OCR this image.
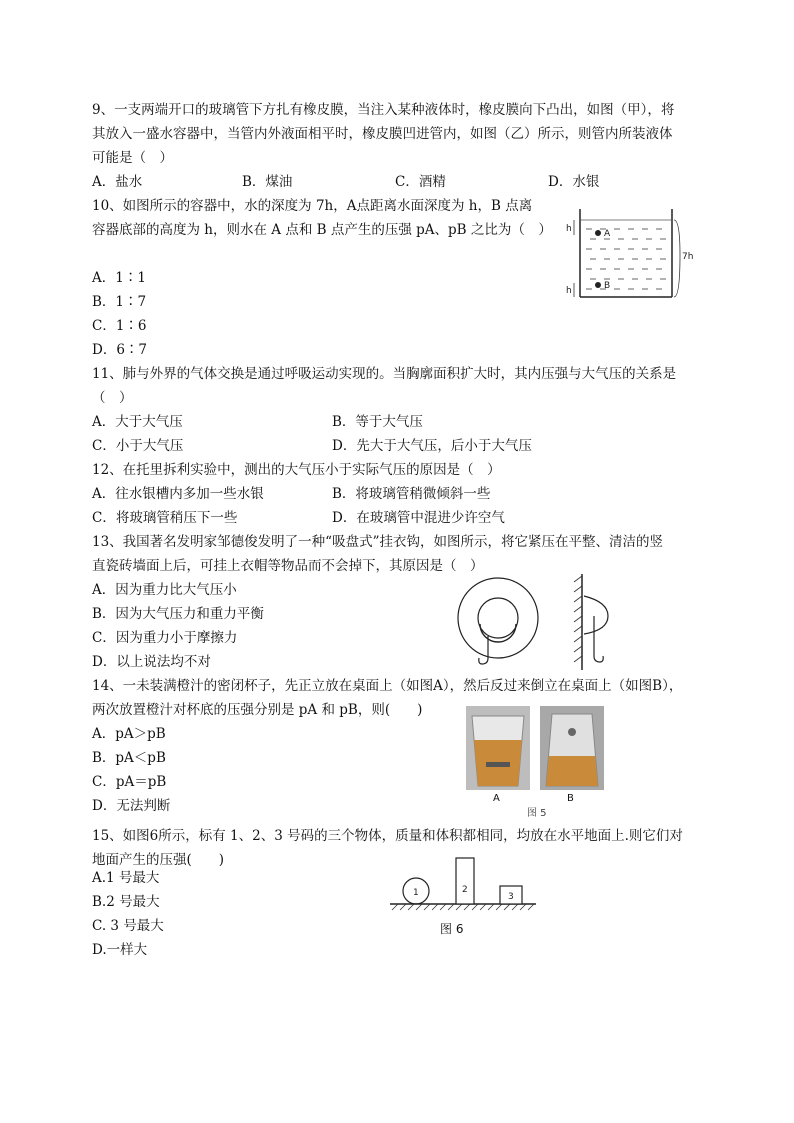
9、一支两端开口的玻璃管下方扎有橡皮膜，当注入某种液体时，橡皮膜向下凸出，如图（甲），将
其放入一盛水容器中，当管内外液面相平时，橡皮膜凹进管内，如图（乙）所示，则管内所装液体
可能是（　）
A．盐水	B．煤油	C．酒精	D．水银
10、如图所示的容器中，水的深度为 7h，A点距离水面深度为 h，B 点离
容器底部的高度为 h，则水在 A 点和 B 点产生的压强 pA、pB 之比为（　）
A．1∶1
B．1∶7
C．1∶6
D．6∶7
A
B
h
h
7h
11、肺与外界的气体交换是通过呼吸运动实现的。当胸廓面积扩大时，其内压强与大气压的关系是
（　）
A．大于大气压	B．等于大气压
C．小于大气压	D．先大于大气压，后小于大气压
12、在托里拆利实验中，测出的大气压小于实际气压的原因是（　）
A．往水银槽内多加一些水银	B．将玻璃管稍微倾斜一些
C．将玻璃管稍压下一些	D．在玻璃管中混进少许空气
13、我国著名发明家邹德俊发明了一种“吸盘式”挂衣钩，如图所示，将它紧压在平整、清洁的竖
直瓷砖墙面上后，可挂上衣帽等物品而不会掉下，其原因是（　）
A．因为重力比大气压小
B．因为大气压力和重力平衡
C．因为重力小于摩擦力
D．以上说法均不对
14、一未装满橙汁的密闭杯子，先正立放在桌面上（如图A），然后反过来倒立在桌面上（如图B），
两次放置橙汁对杯底的压强分别是 pA 和 pB，则(　　)
A．pA＞pB
B．pA＜pB
C．pA＝pB
D．无法判断	A	B
图 5
15、如图6所示，标有 1、2、3 号码的三个物体，质量和体积都相同，均放在水平地面上.则它们对
地面产生的压强(　　)
A.1 号最大
B.2 号最大
C. 3 号最大
D.一样大
1	2
3
图 6
